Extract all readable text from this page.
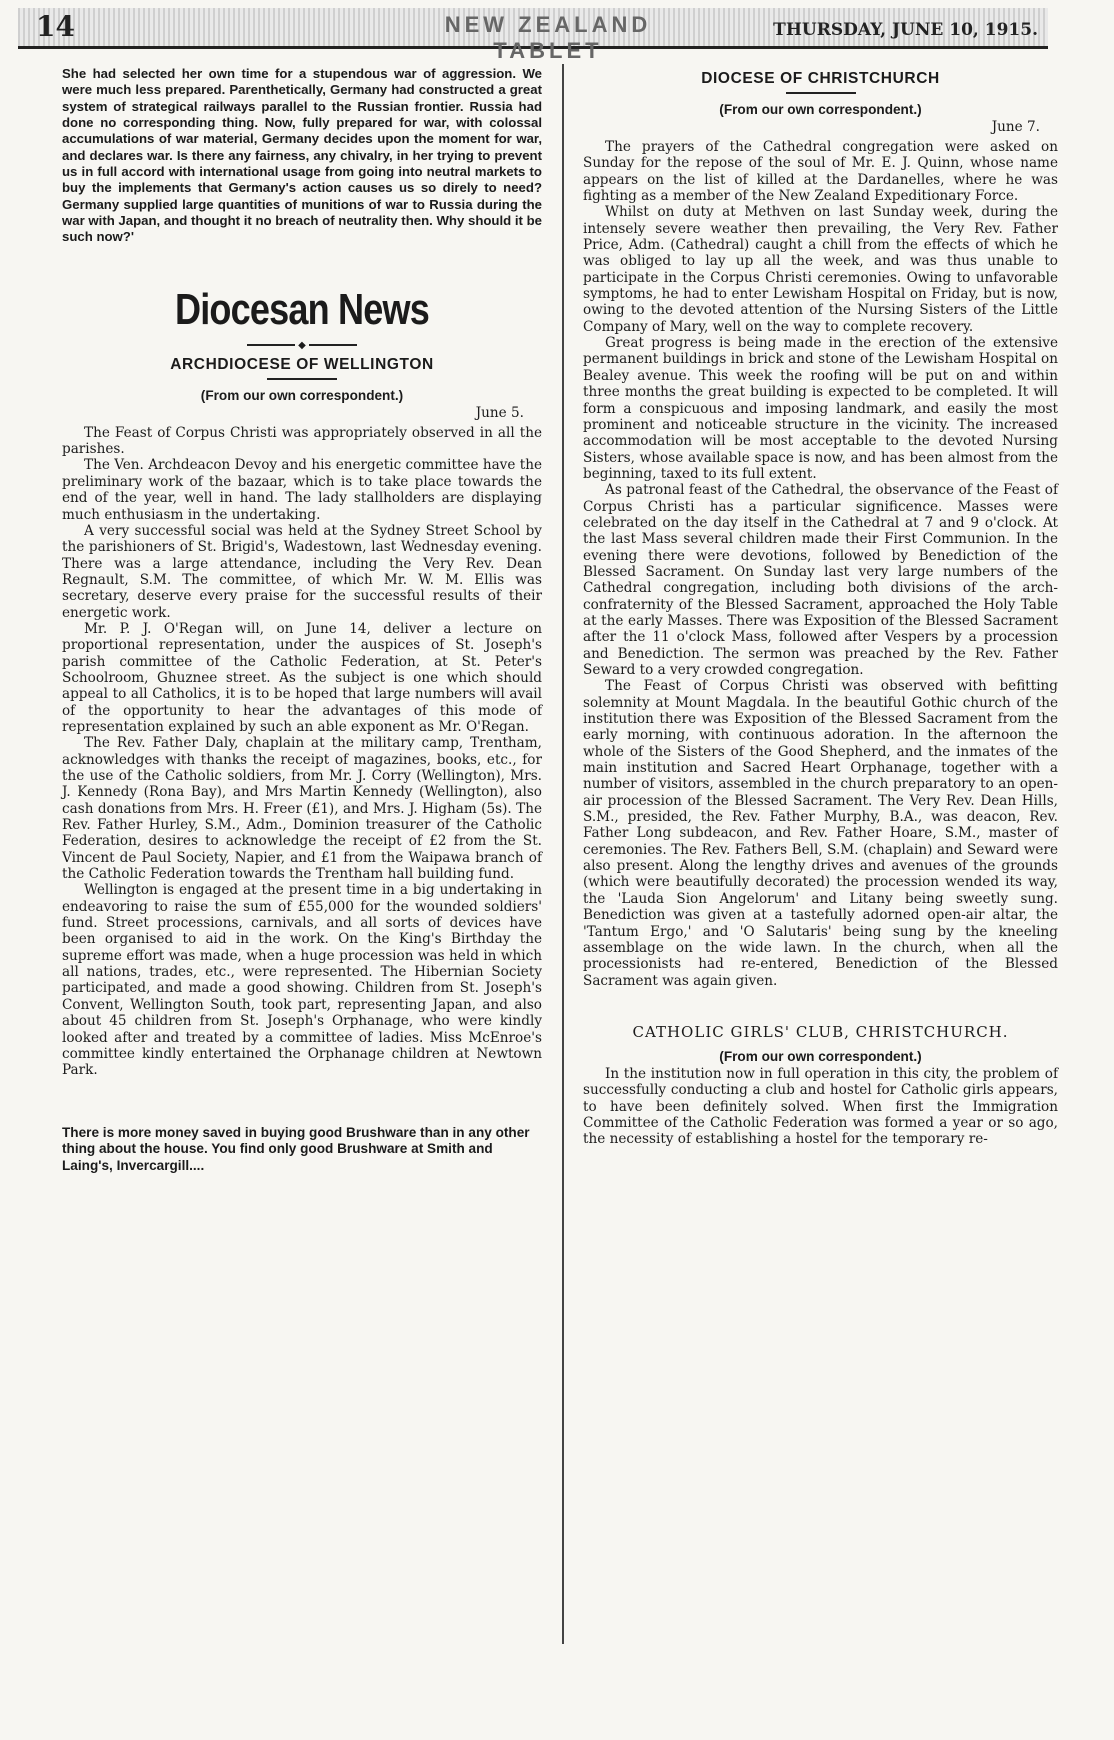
14	NEW ZEALAND TABLET
THURSDAY, JUNE 10, 1915.

She had selected her own time for a stupendous war of aggression. We were much less prepared. Parenthetically, Germany had constructed a great system of strategical railways parallel to the Russian frontier. Russia had done no corresponding thing. Now, fully prepared for war, with colossal accumulations of war material, Germany decides upon the moment for war, and declares war. Is there any fairness, any chivalry, in her trying to prevent us in full accord with international usage from going into neutral markets to buy the implements that Germany's action causes us so direly to need? Germany supplied large quantities of munitions of war to Russia during the war with Japan, and thought it no breach of neutrality then. Why should it be such now?'

Diocesan News
◆
ARCHDIOCESE OF WELLINGTON
(From our own correspondent.)
June 5.

The Feast of Corpus Christi was appropriately observed in all the parishes.

The Ven. Archdeacon Devoy and his energetic committee have the preliminary work of the bazaar, which is to take place towards the end of the year, well in hand. The lady stallholders are displaying much enthusiasm in the undertaking.

A very successful social was held at the Sydney Street School by the parishioners of St. Brigid's, Wadestown, last Wednesday evening. There was a large attendance, including the Very Rev. Dean Regnault, S.M. The committee, of which Mr. W. M. Ellis was secretary, deserve every praise for the successful results of their energetic work.

Mr. P. J. O'Regan will, on June 14, deliver a lecture on proportional representation, under the auspices of St. Joseph's parish committee of the Catholic Federation, at St. Peter's Schoolroom, Ghuznee street. As the subject is one which should appeal to all Catholics, it is to be hoped that large numbers will avail of the opportunity to hear the advantages of this mode of representation explained by such an able exponent as Mr. O'Regan.

The Rev. Father Daly, chaplain at the military camp, Trentham, acknowledges with thanks the receipt of magazines, books, etc., for the use of the Catholic soldiers, from Mr. J. Corry (Wellington), Mrs. J. Kennedy (Rona Bay), and Mrs Martin Kennedy (Wellington), also cash donations from Mrs. H. Freer (£1), and Mrs. J. Higham (5s). The Rev. Father Hurley, S.M., Adm., Dominion treasurer of the Catholic Federation, desires to acknowledge the receipt of £2 from the St. Vincent de Paul Society, Napier, and £1 from the Waipawa branch of the Catholic Federation towards the Trentham hall building fund.

Wellington is engaged at the present time in a big undertaking in endeavoring to raise the sum of £55,000 for the wounded soldiers' fund. Street processions, carnivals, and all sorts of devices have been organised to aid in the work. On the King's Birthday the supreme effort was made, when a huge procession was held in which all nations, trades, etc., were represented. The Hibernian Society participated, and made a good showing. Children from St. Joseph's Convent, Wellington South, took part, representing Japan, and also about 45 children from St. Joseph's Orphanage, who were kindly looked after and treated by a committee of ladies. Miss McEnroe's committee kindly entertained the Orphanage children at Newtown Park.

There is more money saved in buying good Brushware than in any other thing about the house. You find only good Brushware at Smith and Laing's, Invercargill....
DIOCESE OF CHRISTCHURCH
(From our own correspondent.)
June 7.

The prayers of the Cathedral congregation were asked on Sunday for the repose of the soul of Mr. E. J. Quinn, whose name appears on the list of killed at the Dardanelles, where he was fighting as a member of the New Zealand Expeditionary Force.

Whilst on duty at Methven on last Sunday week, during the intensely severe weather then prevailing, the Very Rev. Father Price, Adm. (Cathedral) caught a chill from the effects of which he was obliged to lay up all the week, and was thus unable to participate in the Corpus Christi ceremonies. Owing to unfavorable symptoms, he had to enter Lewisham Hospital on Friday, but is now, owing to the devoted attention of the Nursing Sisters of the Little Company of Mary, well on the way to complete recovery.

Great progress is being made in the erection of the extensive permanent buildings in brick and stone of the Lewisham Hospital on Bealey avenue. This week the roofing will be put on and within three months the great building is expected to be completed. It will form a conspicuous and imposing landmark, and easily the most prominent and noticeable structure in the vicinity. The increased accommodation will be most acceptable to the devoted Nursing Sisters, whose available space is now, and has been almost from the beginning, taxed to its full extent.

As patronal feast of the Cathedral, the observance of the Feast of Corpus Christi has a particular significence. Masses were celebrated on the day itself in the Cathedral at 7 and 9 o'clock. At the last Mass several children made their First Communion. In the evening there were devotions, followed by Benediction of the Blessed Sacrament. On Sunday last very large numbers of the Cathedral congregation, including both divisions of the arch-confraternity of the Blessed Sacrament, approached the Holy Table at the early Masses. There was Exposition of the Blessed Sacrament after the 11 o'clock Mass, followed after Vespers by a procession and Benediction. The sermon was preached by the Rev. Father Seward to a very crowded congregation.

The Feast of Corpus Christi was observed with befitting solemnity at Mount Magdala. In the beautiful Gothic church of the institution there was Exposition of the Blessed Sacrament from the early morning, with continuous adoration. In the afternoon the whole of the Sisters of the Good Shepherd, and the inmates of the main institution and Sacred Heart Orphanage, together with a number of visitors, assembled in the church preparatory to an open-air procession of the Blessed Sacrament. The Very Rev. Dean Hills, S.M., presided, the Rev. Father Murphy, B.A., was deacon, Rev. Father Long subdeacon, and Rev. Father Hoare, S.M., master of ceremonies. The Rev. Fathers Bell, S.M. (chaplain) and Seward were also present. Along the lengthy drives and avenues of the grounds (which were beautifully decorated) the procession wended its way, the 'Lauda Sion Angelorum' and Litany being sweetly sung. Benediction was given at a tastefully adorned open-air altar, the 'Tantum Ergo,' and 'O Salutaris' being sung by the kneeling assemblage on the wide lawn. In the church, when all the processionists had re-entered, Benediction of the Blessed Sacrament was again given.

CATHOLIC GIRLS' CLUB, CHRISTCHURCH.
(From our own correspondent.)

In the institution now in full operation in this city, the problem of successfully conducting a club and hostel for Catholic girls appears, to have been definitely solved. When first the Immigration Committee of the Catholic Federation was formed a year or so ago, the necessity of establishing a hostel for the temporary re-
